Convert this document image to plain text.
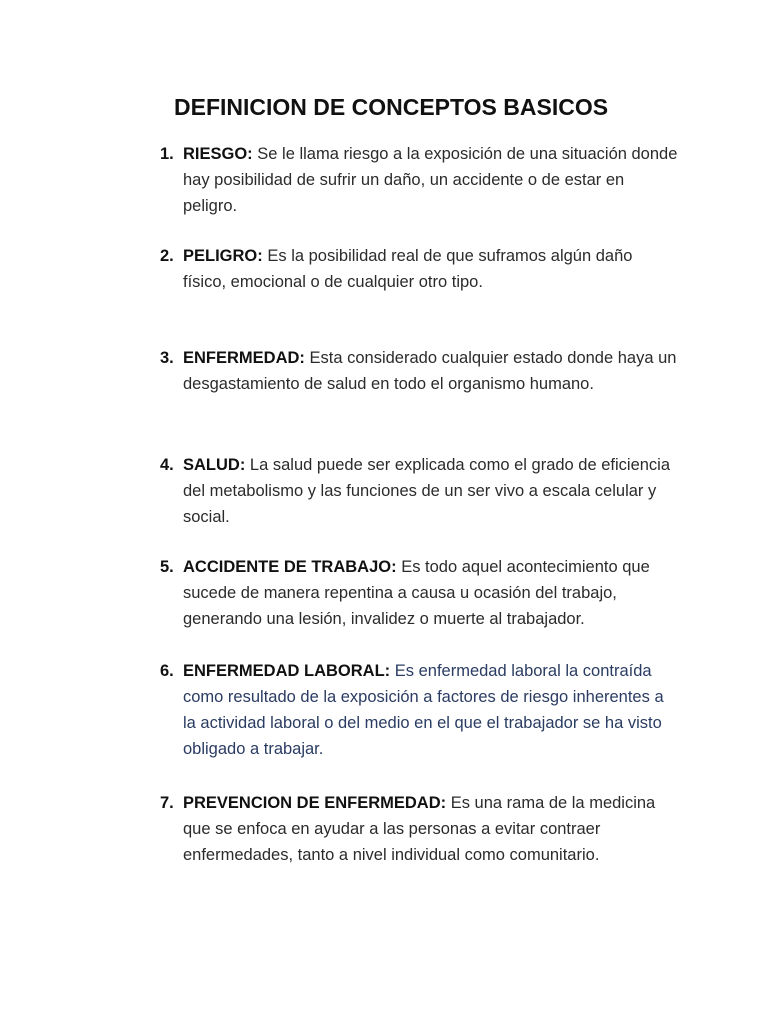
DEFINICION DE CONCEPTOS BASICOS
1. RIESGO: Se le llama riesgo a la exposición de una situación donde hay posibilidad de sufrir un daño, un accidente o de estar en peligro.
2. PELIGRO: Es la posibilidad real de que suframos algún daño físico, emocional o de cualquier otro tipo.
3. ENFERMEDAD: Esta considerado cualquier estado donde haya un desgastamiento de salud en todo el organismo humano.
4. SALUD: La salud puede ser explicada como el grado de eficiencia del metabolismo y las funciones de un ser vivo a escala celular y social.
5. ACCIDENTE DE TRABAJO: Es todo aquel acontecimiento que sucede de manera repentina a causa u ocasión del trabajo, generando una lesión, invalidez o muerte al trabajador.
6. ENFERMEDAD LABORAL: Es enfermedad laboral la contraída como resultado de la exposición a factores de riesgo inherentes a la actividad laboral o del medio en el que el trabajador se ha visto obligado a trabajar.
7. PREVENCION DE ENFERMEDAD: Es una rama de la medicina que se enfoca en ayudar a las personas a evitar contraer enfermedades, tanto a nivel individual como comunitario.
